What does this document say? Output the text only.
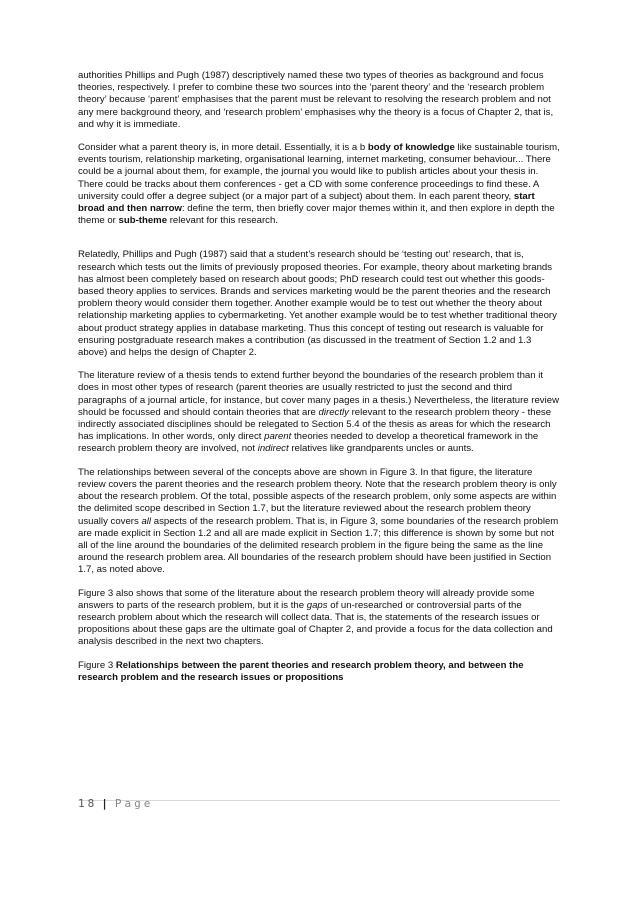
authorities Phillips and Pugh (1987) descriptively named these two types of theories as background and focus theories, respectively. I prefer to combine these two sources into the ‘parent theory’ and the ‘research problem theory’ because ‘parent’ emphasises that the parent must be relevant to resolving the research problem and not any mere background theory, and ‘research problem’ emphasises why the theory is a focus of Chapter 2, that is, and why it is immediate.

Consider what a parent theory is, in more detail. Essentially, it is a b body of knowledge like sustainable tourism, events tourism, relationship marketing, organisational learning, internet marketing, consumer behaviour... There could be a journal about them, for example, the journal you would like to publish articles about your thesis in. There could be tracks about them conferences - get a CD with some conference proceedings to find these. A university could offer a degree subject (or a major part of a subject) about them. In each parent theory, start broad and then narrow: define the term, then briefly cover major themes within it, and then explore in depth the theme or sub-theme relevant for this research.

Relatedly, Phillips and Pugh (1987) said that a student’s research should be ‘testing out’ research, that is, research which tests out the limits of previously proposed theories. For example, theory about marketing brands has almost been completely based on research about goods; PhD research could test out whether this goods-based theory applies to services. Brands and services marketing would be the parent theories and the research problem theory would consider them together. Another example would be to test out whether the theory about relationship marketing applies to cybermarketing. Yet another example would be to test whether traditional theory about product strategy applies in database marketing. Thus this concept of testing out research is valuable for ensuring postgraduate research makes a contribution (as discussed in the treatment of Section 1.2 and 1.3 above) and helps the design of Chapter 2.

The literature review of a thesis tends to extend further beyond the boundaries of the research problem than it does in most other types of research (parent theories are usually restricted to just the second and third paragraphs of a journal article, for instance, but cover many pages in a thesis.) Nevertheless, the literature review should be focussed and should contain theories that are directly relevant to the research problem theory - these indirectly associated disciplines should be relegated to Section 5.4 of the thesis as areas for which the research has implications. In other words, only direct parent theories needed to develop a theoretical framework in the research problem theory are involved, not indirect relatives like grandparents uncles or aunts.

The relationships between several of the concepts above are shown in Figure 3. In that figure, the literature review covers the parent theories and the research problem theory. Note that the research problem theory is only about the research problem. Of the total, possible aspects of the research problem, only some aspects are within the delimited scope described in Section 1.7, but the literature reviewed about the research problem theory usually covers all aspects of the research problem. That is, in Figure 3, some boundaries of the research problem are made explicit in Section 1.2 and all are made explicit in Section 1.7; this difference is shown by some but not all of the line around the boundaries of the delimited research problem in the figure being the same as the line around the research problem area. All boundaries of the research problem should have been justified in Section 1.7, as noted above.

Figure 3 also shows that some of the literature about the research problem theory will already provide some answers to parts of the research problem, but it is the gaps of un-researched or controversial parts of the research problem about which the research will collect data. That is, the statements of the research issues or propositions about these gaps are the ultimate goal of Chapter 2, and provide a focus for the data collection and analysis described in the next two chapters.

Figure 3 Relationships between the parent theories and research problem theory, and between the research problem and the research issues or propositions

18 | Page
